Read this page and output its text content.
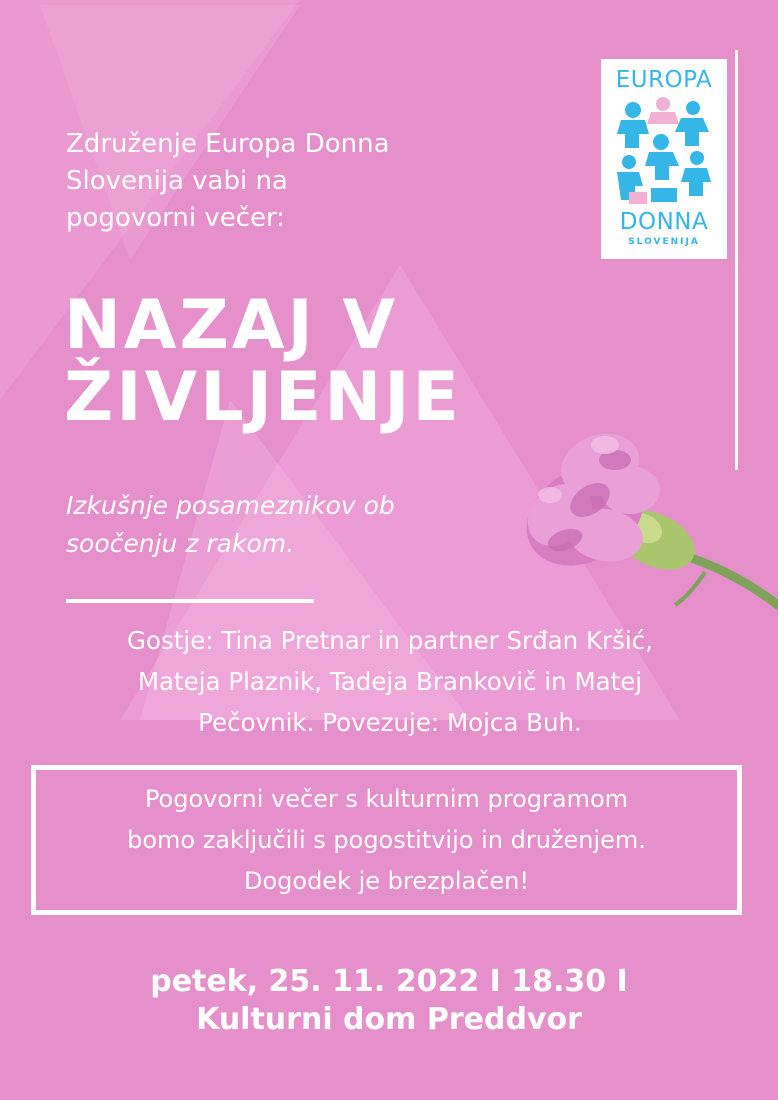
Združenje Europa Donna
Slovenija vabi na
pogovorni večer:
NAZAJ V
ŽIVLJENJE
Izkušnje posameznikov ob
soočenju z rakom.
Gostje: Tina Pretnar in partner Srđan Kršić,
Mateja Plaznik, Tadeja Brankovič in Matej
Pečovnik. Povezuje: Mojca Buh.
Pogovorni večer s kulturnim programom
bomo zaključili s pogostitvijo in druženjem.
Dogodek je brezplačen!
petek, 25. 11. 2022 I 18.30 I
Kulturni dom Preddvor
EUROPA
DONNA
SLOVENIJA
